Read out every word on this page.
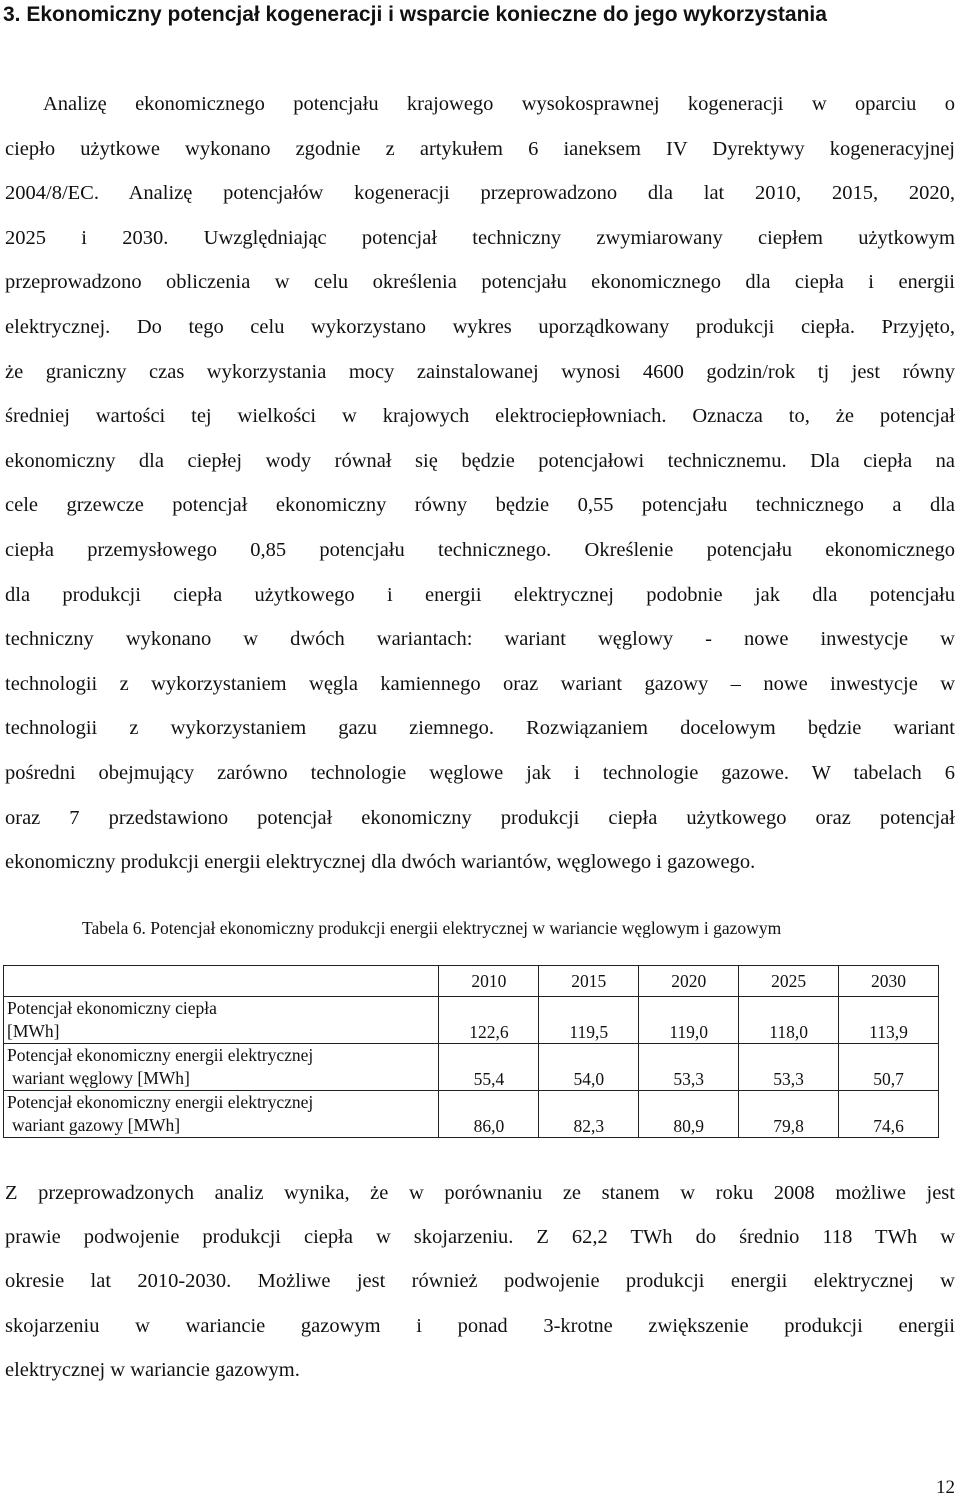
3. Ekonomiczny potencjał kogeneracji i wsparcie konieczne do jego wykorzystania
Analizę ekonomicznego potencjału krajowego wysokosprawnej kogeneracji w oparciu o
ciepło użytkowe wykonano zgodnie z artykułem 6 ianeksem IV Dyrektywy kogeneracyjnej
2004/8/EC. Analizę potencjałów kogeneracji przeprowadzono dla lat 2010, 2015, 2020,
2025 i 2030. Uwzględniając potencjał techniczny zwymiarowany ciepłem użytkowym
przeprowadzono obliczenia w celu określenia potencjału ekonomicznego dla ciepła i energii
elektrycznej. Do tego celu wykorzystano wykres uporządkowany produkcji ciepła. Przyjęto,
że graniczny czas wykorzystania mocy zainstalowanej wynosi 4600 godzin/rok tj jest równy
średniej wartości tej wielkości w krajowych elektrociepłowniach. Oznacza to, że potencjał
ekonomiczny dla ciepłej wody równał się będzie potencjałowi technicznemu. Dla ciepła na
cele grzewcze potencjał ekonomiczny równy będzie 0,55 potencjału technicznego a dla
ciepła przemysłowego 0,85 potencjału technicznego. Określenie potencjału ekonomicznego
dla produkcji ciepła użytkowego i energii elektrycznej podobnie jak dla potencjału
techniczny wykonano w dwóch wariantach: wariant węglowy - nowe inwestycje w
technologii z wykorzystaniem węgla kamiennego oraz wariant gazowy – nowe inwestycje w
technologii z wykorzystaniem gazu ziemnego. Rozwiązaniem docelowym będzie wariant
pośredni obejmujący zarówno technologie węglowe jak i technologie gazowe. W tabelach 6
oraz 7 przedstawiono potencjał ekonomiczny produkcji ciepła użytkowego oraz potencjał
ekonomiczny produkcji energii elektrycznej dla dwóch wariantów, węglowego i gazowego.
Tabela 6. Potencjał ekonomiczny produkcji energii elektrycznej w wariancie węglowym i gazowym
	2010	2015	2020	2025	2030

Potencjał ekonomiczny ciepła
[MWh]	122,6	119,5	119,0	118,0	113,9

Potencjał ekonomiczny energii elektrycznej
wariant węglowy [MWh]	55,4	54,0	53,3	53,3	50,7

Potencjał ekonomiczny energii elektrycznej
wariant gazowy [MWh]	86,0	82,3	80,9	79,8	74,6
Z przeprowadzonych analiz wynika, że w porównaniu ze stanem w roku 2008 możliwe jest
prawie podwojenie produkcji ciepła w skojarzeniu. Z 62,2 TWh do średnio 118 TWh w
okresie lat 2010-2030. Możliwe jest również podwojenie produkcji energii elektrycznej w
skojarzeniu w wariancie gazowym i ponad 3-krotne zwiększenie produkcji energii
elektrycznej w wariancie gazowym.
12
